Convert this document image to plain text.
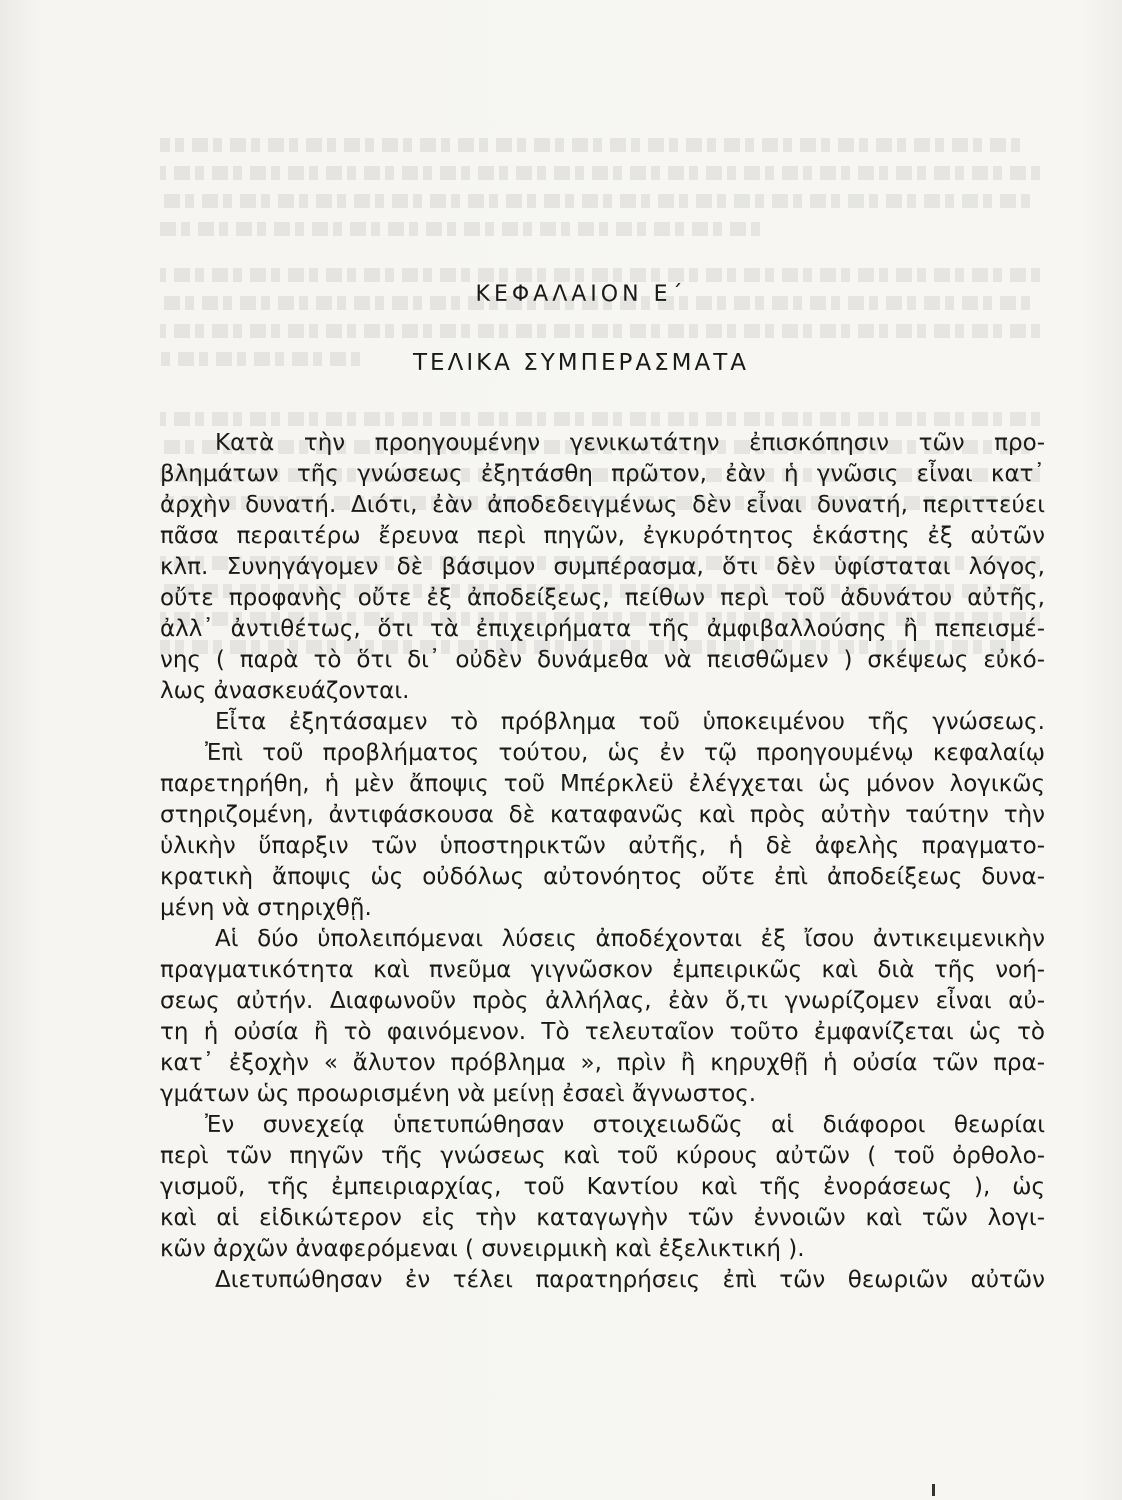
ΚΕΦΑΛΑΙΟΝ Ε΄
ΤΕΛΙΚΑ ΣΥΜΠΕΡΑΣΜΑΤΑ
Κατὰ τὴν προηγουμένην γενικωτάτην ἐπισκόπησιν τῶν προ-
βλημάτων τῆς γνώσεως ἐξητάσθη πρῶτον, ἐὰν ἡ γνῶσις εἶναι κατ᾽
ἀρχὴν δυνατή. Διότι, ἐὰν ἀποδεδειγμένως δὲν εἶναι δυνατή, περιττεύει
πᾶσα περαιτέρω ἔρευνα περὶ πηγῶν, ἐγκυρότητος ἑκάστης ἐξ αὐτῶν
κλπ. Συνηγάγομεν δὲ βάσιμον συμπέρασμα, ὅτι δὲν ὑφίσταται λόγος,
οὔτε προφανὴς οὔτε ἐξ ἀποδείξεως, πείθων περὶ τοῦ ἀδυνάτου αὐτῆς,
ἀλλ᾽ ἀντιθέτως, ὅτι τὰ ἐπιχειρήματα τῆς ἀμφιβαλλούσης ἢ πεπεισμέ-
νης ( παρὰ τὸ ὅτι δι᾽ οὐδὲν δυνάμεθα νὰ πεισθῶμεν ) σκέψεως εὐκό-
λως ἀνασκευάζονται.
Εἶτα ἐξητάσαμεν τὸ πρόβλημα τοῦ ὑποκειμένου τῆς γνώσεως.
Ἐπὶ τοῦ προβλήματος τούτου, ὡς ἐν τῷ προηγουμένῳ κεφαλαίῳ
παρετηρήθη, ἡ μὲν ἄποψις τοῦ Μπέρκλεϋ ἐλέγχεται ὡς μόνον λογικῶς
στηριζομένη, ἀντιφάσκουσα δὲ καταφανῶς καὶ πρὸς αὐτὴν ταύτην τὴν
ὑλικὴν ὕπαρξιν τῶν ὑποστηρικτῶν αὐτῆς, ἡ δὲ ἀφελὴς πραγματο-
κρατικὴ ἄποψις ὡς οὐδόλως αὐτονόητος οὔτε ἐπὶ ἀποδείξεως δυνα-
μένη νὰ στηριχθῇ.
Αἱ δύο ὑπολειπόμεναι λύσεις ἀποδέχονται ἐξ ἴσου ἀντικειμενικὴν
πραγματικότητα καὶ πνεῦμα γιγνῶσκον ἐμπειρικῶς καὶ διὰ τῆς νοή-
σεως αὐτήν. Διαφωνοῦν πρὸς ἀλλήλας, ἐὰν ὅ,τι γνωρίζομεν εἶναι αὐ-
τη ἡ οὐσία ἢ τὸ φαινόμενον. Τὸ τελευταῖον τοῦτο ἐμφανίζεται ὡς τὸ
κατ᾽ ἐξοχὴν « ἄλυτον πρόβλημα », πρὶν ἢ κηρυχθῇ ἡ οὐσία τῶν πρα-
γμάτων ὡς προωρισμένη νὰ μείνῃ ἐσαεὶ ἄγνωστος.
Ἐν συνεχείᾳ ὑπετυπώθησαν στοιχειωδῶς αἱ διάφοροι θεωρίαι
περὶ τῶν πηγῶν τῆς γνώσεως καὶ τοῦ κύρους αὐτῶν ( τοῦ ὀρθολο-
γισμοῦ, τῆς ἐμπειριαρχίας, τοῦ Καντίου καὶ τῆς ἐνοράσεως ), ὡς
καὶ αἱ εἰδικώτερον εἰς τὴν καταγωγὴν τῶν ἐννοιῶν καὶ τῶν λογι-
κῶν ἀρχῶν ἀναφερόμεναι ( συνειρμικὴ καὶ ἐξελικτική ).
Διετυπώθησαν ἐν τέλει παρατηρήσεις ἐπὶ τῶν θεωριῶν αὐτῶν
